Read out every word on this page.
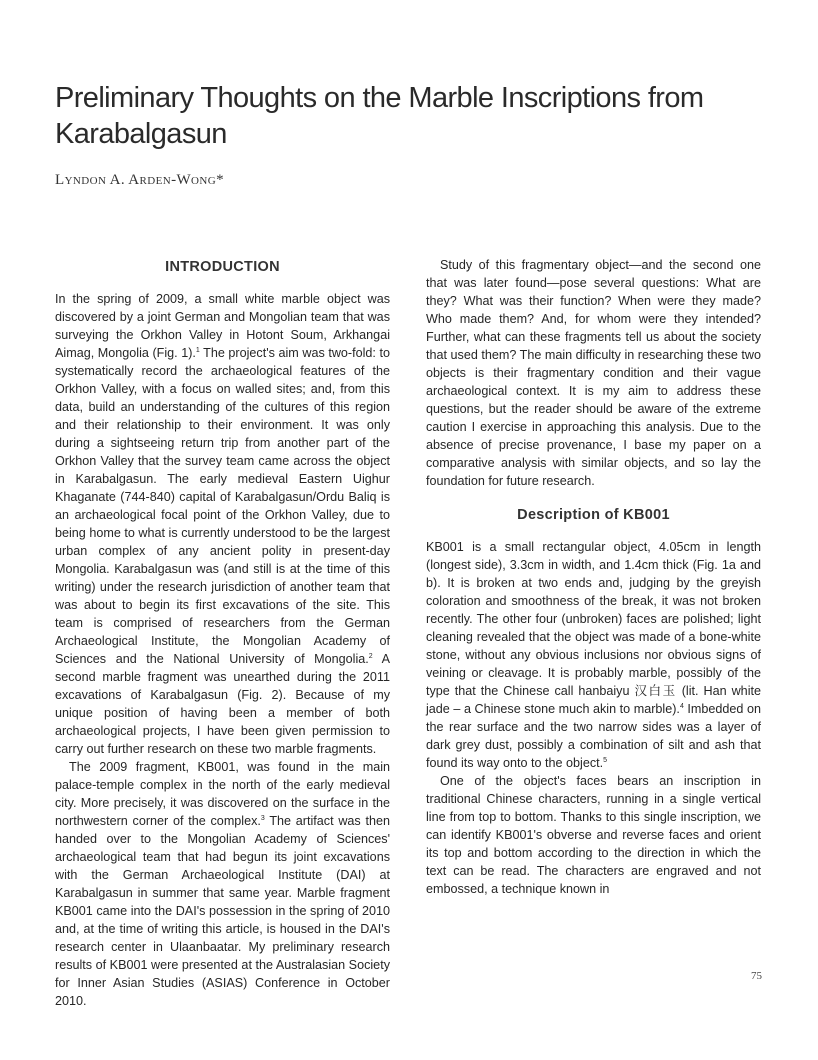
Preliminary Thoughts on the Marble Inscriptions from Karabalgasun
Lyndon A. Arden-Wong*
INTRODUCTION

In the spring of 2009, a small white marble object was discovered by a joint German and Mongolian team that was surveying the Orkhon Valley in Hotont Soum, Arkhangai Aimag, Mongolia (Fig. 1).$^1$ The project's aim was two-fold: to systematically record the archaeological features of the Orkhon Valley, with a focus on walled sites; and, from this data, build an understanding of the cultures of this region and their relationship to their environment. It was only during a sightseeing return trip from another part of the Orkhon Valley that the survey team came across the object in Karabalgasun. The early medieval Eastern Uighur Khaganate (744-840) capital of Karabalgasun/Ordu Baliq is an archaeological focal point of the Orkhon Valley, due to being home to what is currently understood to be the largest urban complex of any ancient polity in present-day Mongolia. Karabalgasun was (and still is at the time of this writing) under the research jurisdiction of another team that was about to begin its first excavations of the site. This team is comprised of researchers from the German Archaeological Institute, the Mongolian Academy of Sciences and the National University of Mongolia.$^2$ A second marble fragment was unearthed during the 2011 excavations of Karabalgasun (Fig. 2). Because of my unique position of having been a member of both archaeological projects, I have been given permission to carry out further research on these two marble fragments.

The 2009 fragment, KB001, was found in the main palace-temple complex in the north of the early medieval city. More precisely, it was discovered on the surface in the northwestern corner of the complex.$^3$ The artifact was then handed over to the Mongolian Academy of Sciences' archaeological team that had begun its joint excavations with the German Archaeological Institute (DAI) at Karabalgasun in summer that same year. Marble fragment KB001 came into the DAI's possession in the spring of 2010 and, at the time of writing this article, is housed in the DAI's research center in Ulaanbaatar. My preliminary research results of KB001 were presented at the Australasian Society for Inner Asian Studies (ASIAS) Conference in October 2010.

Study of this fragmentary object—and the second one that was later found—pose several questions: What are they? What was their function? When were they made? Who made them? And, for whom were they intended? Further, what can these fragments tell us about the society that used them? The main difficulty in researching these two objects is their fragmentary condition and their vague archaeological context. It is my aim to address these questions, but the reader should be aware of the extreme caution I exercise in approaching this analysis. Due to the absence of precise provenance, I base my paper on a comparative analysis with similar objects, and so lay the foundation for future research.

Description of KB001

KB001 is a small rectangular object, 4.05cm in length (longest side), 3.3cm in width, and 1.4cm thick (Fig. 1a and b). It is broken at two ends and, judging by the greyish coloration and smoothness of the break, it was not broken recently. The other four (unbroken) faces are polished; light cleaning revealed that the object was made of a bone-white stone, without any obvious inclusions nor obvious signs of veining or cleavage. It is probably marble, possibly of the type that the Chinese call hanbaiyu 汉白玉 (lit. Han white jade – a Chinese stone much akin to marble).$^4$ Imbedded on the rear surface and the two narrow sides was a layer of dark grey dust, possibly a combination of silt and ash that found its way onto to the object.$^5$

One of the object's faces bears an inscription in traditional Chinese characters, running in a single vertical line from top to bottom. Thanks to this single inscription, we can identify KB001's obverse and reverse faces and orient its top and bottom according to the direction in which the text can be read. The characters are engraved and not embossed, a technique known in

75
